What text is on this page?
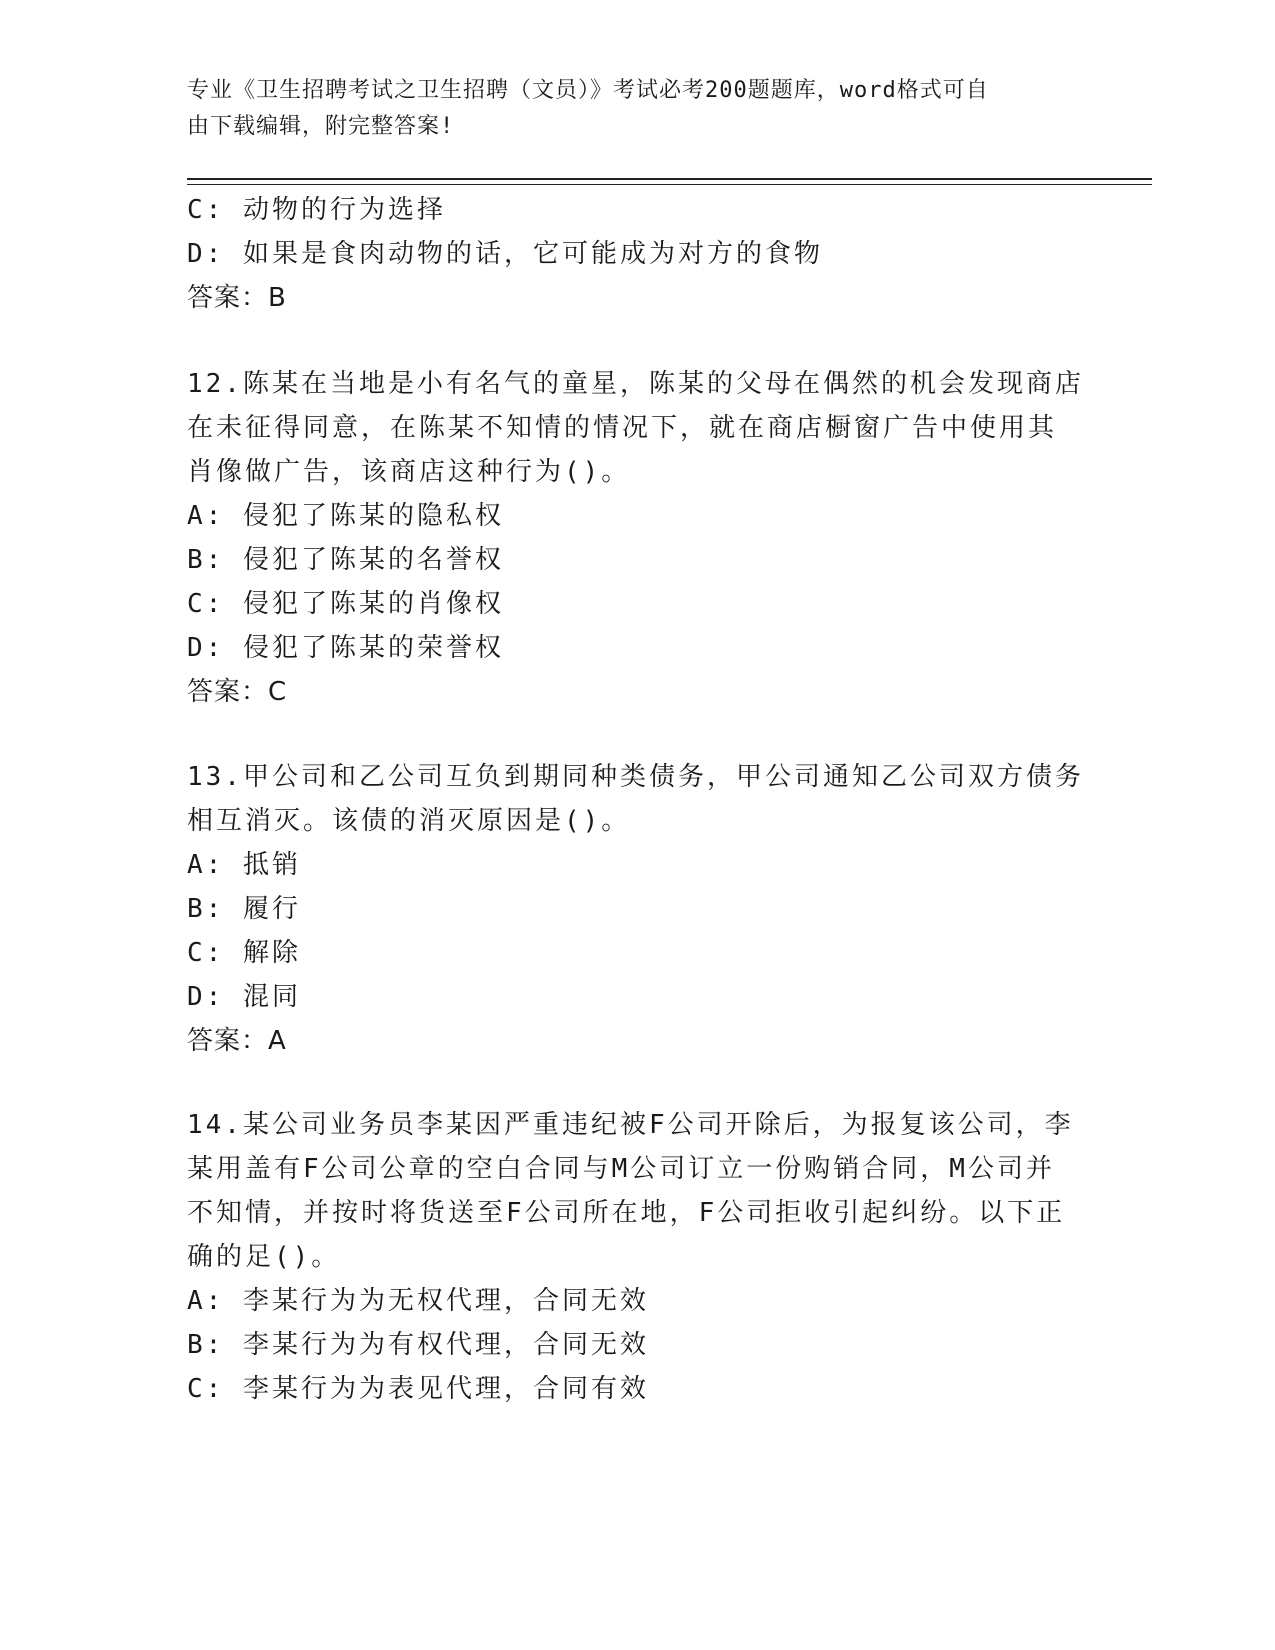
专业《卫生招聘考试之卫生招聘（文员）》考试必考200题题库，word格式可自
由下载编辑，附完整答案!
C: 动物的行为选择
D: 如果是食肉动物的话，它可能成为对方的食物
答案：B
12.陈某在当地是小有名气的童星，陈某的父母在偶然的机会发现商店
在未征得同意，在陈某不知情的情况下，就在商店橱窗广告中使用其
肖像做广告，该商店这种行为()。
A: 侵犯了陈某的隐私权
B: 侵犯了陈某的名誉权
C: 侵犯了陈某的肖像权
D: 侵犯了陈某的荣誉权
答案：C
13.甲公司和乙公司互负到期同种类债务，甲公司通知乙公司双方债务
相互消灭。该债的消灭原因是()。
A: 抵销
B: 履行
C: 解除
D: 混同
答案：A
14.某公司业务员李某因严重违纪被F公司开除后，为报复该公司，李
某用盖有F公司公章的空白合同与M公司订立一份购销合同，M公司并
不知情，并按时将货送至F公司所在地，F公司拒收引起纠纷。以下正
确的足()。
A: 李某行为为无权代理，合同无效
B: 李某行为为有权代理，合同无效
C: 李某行为为表见代理，合同有效
